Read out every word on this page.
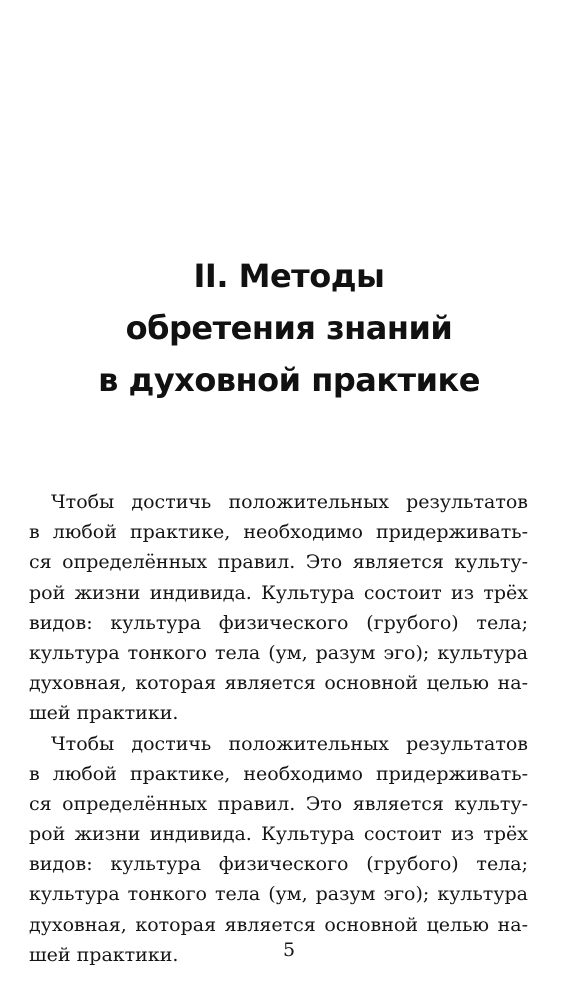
II. Методы
обретения знаний
в духовной практике

Чтобы достичь положительных результатов
в любой практике, необходимо придерживать-
ся определённых правил. Это является культу-
рой жизни индивида. Культура состоит из трёх
видов: культура физического (грубого) тела;
культура тонкого тела (ум, разум эго); культура
духовная, которая является основной целью на-
шей практики.

Чтобы достичь положительных результатов
в любой практике, необходимо придерживать-
ся определённых правил. Это является культу-
рой жизни индивида. Культура состоит из трёх
видов: культура физического (грубого) тела;
культура тонкого тела (ум, разум эго); культура
духовная, которая является основной целью на-
шей практики.	5
